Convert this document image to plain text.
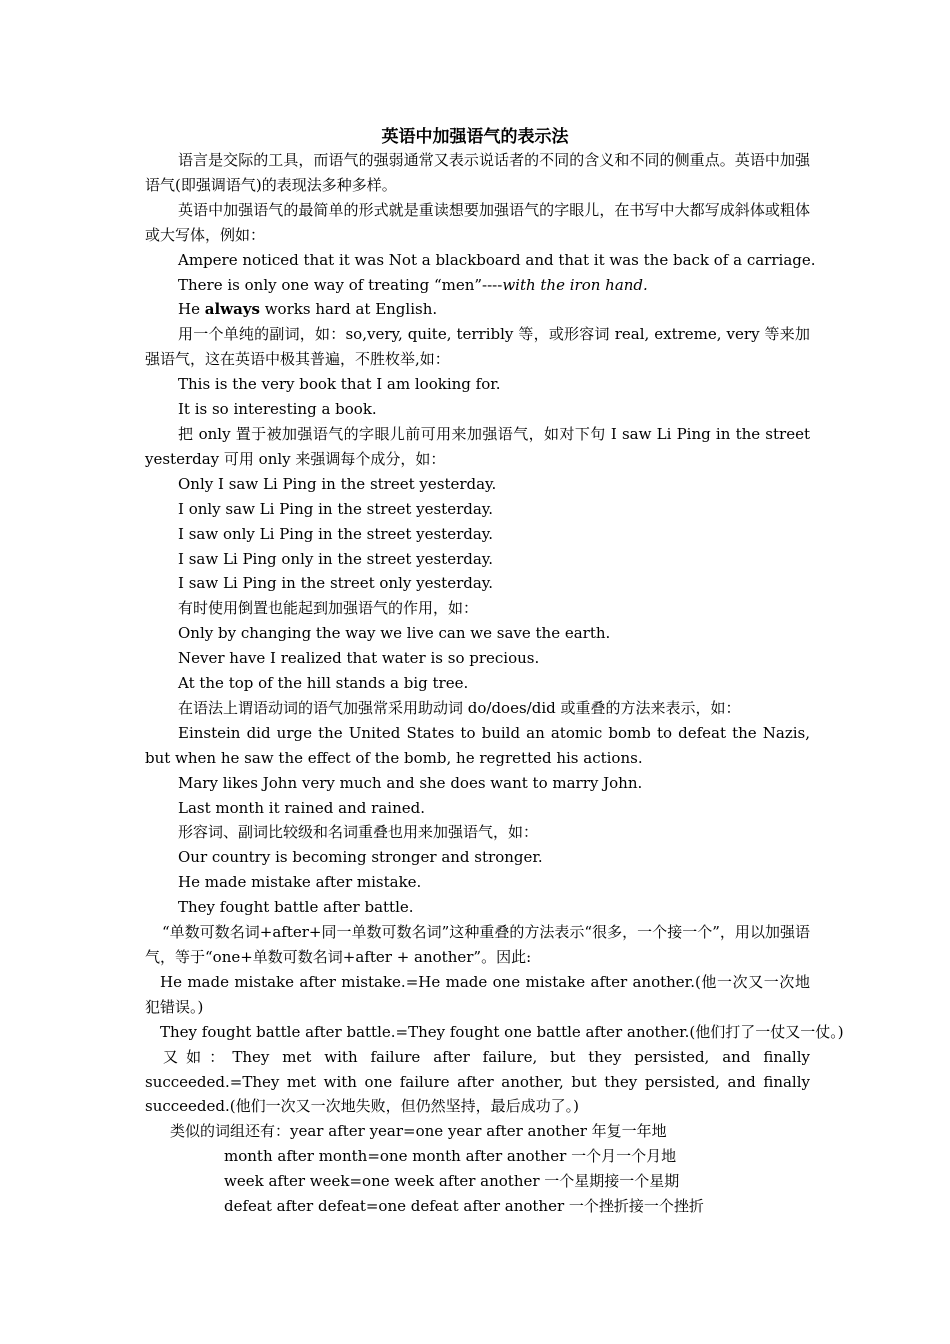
英语中加强语气的表示法

语言是交际的工具，而语气的强弱通常又表示说话者的不同的含义和不同的侧重点。英语中加强语气(即强调语气)的表现法多种多样。

英语中加强语气的最简单的形式就是重读想要加强语气的字眼儿，在书写中大都写成斜体或粗体或大写体，例如：

Ampere noticed that it was Not a blackboard and that it was the back of a carriage.

There is only one way of treating “men”----with the iron hand.

He always works hard at English.

用一个单纯的副词，如：so,very, quite, terribly 等，或形容词 real, extreme, very 等来加强语气，这在英语中极其普遍，不胜枚举,如：

This is the very book that I am looking for.

It is so interesting a book.

把 only 置于被加强语气的字眼儿前可用来加强语气，如对下句 I saw Li Ping in the street yesterday 可用 only 来强调每个成分，如：

Only I saw Li Ping in the street yesterday.

I only saw Li Ping in the street yesterday.

I saw only Li Ping in the street yesterday.

I saw Li Ping only in the street yesterday.

I saw Li Ping in the street only yesterday.

有时使用倒置也能起到加强语气的作用，如：

Only by changing the way we live can we save the earth.

Never have I realized that water is so precious.

At the top of the hill stands a big tree.

在语法上谓语动词的语气加强常采用助动词 do/does/did 或重叠的方法来表示，如：

Einstein did urge the United States to build an atomic bomb to defeat the Nazis, but when he saw the effect of the bomb, he regretted his actions.

Mary likes John very much and she does want to marry John.

Last month it rained and rained.

形容词、副词比较级和名词重叠也用来加强语气，如：

Our country is becoming stronger and stronger.

He made mistake after mistake.

They fought battle after battle.

“单数可数名词+after+同一单数可数名词”这种重叠的方法表示“很多，一个接一个”，用以加强语气，等于“one+单数可数名词+after + another”。因此:

He made mistake after mistake.=He made one mistake after another.(他一次又一次地犯错误。)

They fought battle after battle.=They fought one battle after another.(他们打了一仗又一仗。)

又如：They met with failure after failure, but they persisted, and finally succeeded.=They met with one failure after another, but they persisted, and finally succeeded.(他们一次又一次地失败，但仍然坚持，最后成功了。)

类似的词组还有：year after year=one year after another 年复一年地

month after month=one month after another 一个月一个月地

week after week=one week after another 一个星期接一个星期

defeat after defeat=one defeat after another 一个挫折接一个挫折
